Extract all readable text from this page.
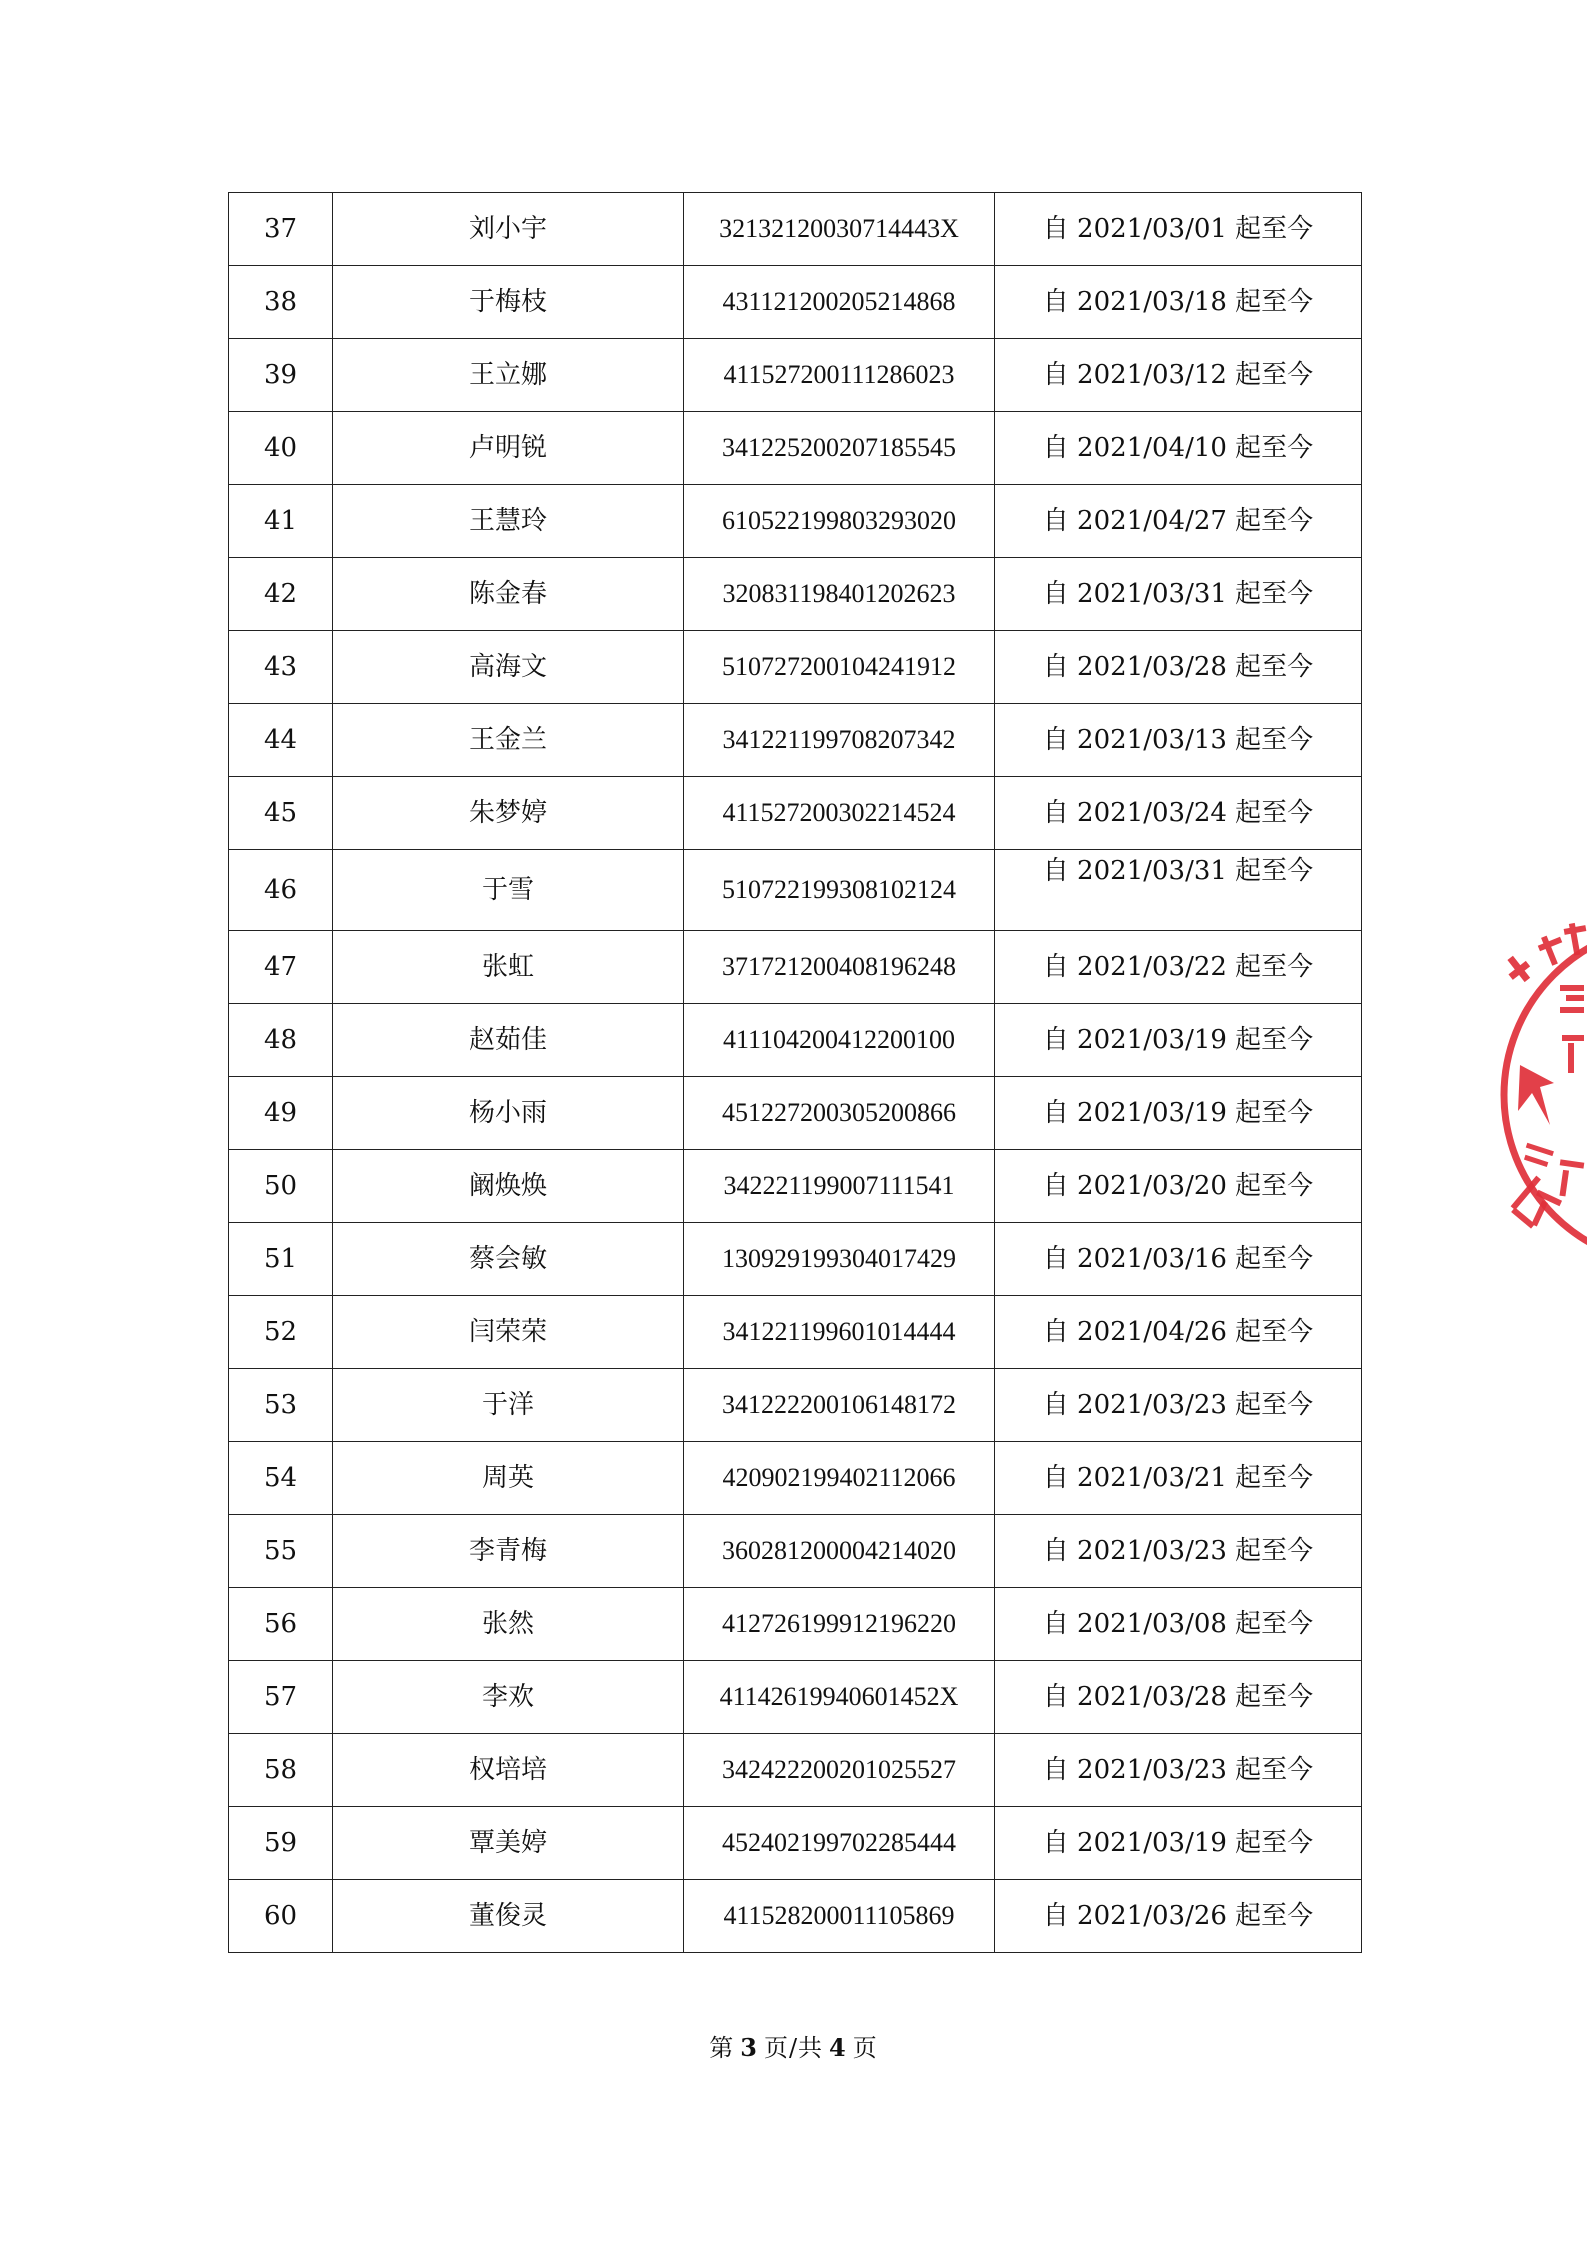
37	刘小宇	32132120030714443X	自 2021/03/01 起至今
38	于梅枝	431121200205214868	自 2021/03/18 起至今
39	王立娜	411527200111286023	自 2021/03/12 起至今
40	卢明锐	341225200207185545	自 2021/04/10 起至今
41	王慧玲	610522199803293020	自 2021/04/27 起至今
42	陈金春	320831198401202623	自 2021/03/31 起至今
43	高海文	510727200104241912	自 2021/03/28 起至今
44	王金兰	341221199708207342	自 2021/03/13 起至今
45	朱梦婷	411527200302214524	自 2021/03/24 起至今
46	于雪	510722199308102124	自 2021/03/31 起至今
47	张虹	371721200408196248	自 2021/03/22 起至今
48	赵茹佳	411104200412200100	自 2021/03/19 起至今
49	杨小雨	451227200305200866	自 2021/03/19 起至今
50	阚焕焕	342221199007111541	自 2021/03/20 起至今
51	蔡会敏	130929199304017429	自 2021/03/16 起至今
52	闫荣荣	341221199601014444	自 2021/04/26 起至今
53	于洋	341222200106148172	自 2021/03/23 起至今
54	周英	420902199402112066	自 2021/03/21 起至今
55	李青梅	360281200004214020	自 2021/03/23 起至今
56	张然	412726199912196220	自 2021/03/08 起至今
57	李欢	41142619940601452X	自 2021/03/28 起至今
58	权培培	342422200201025527	自 2021/03/23 起至今
59	覃美婷	452402199702285444	自 2021/03/19 起至今
60	董俊灵	411528200011105869	自 2021/03/26 起至今
第 3 页/共 4 页
